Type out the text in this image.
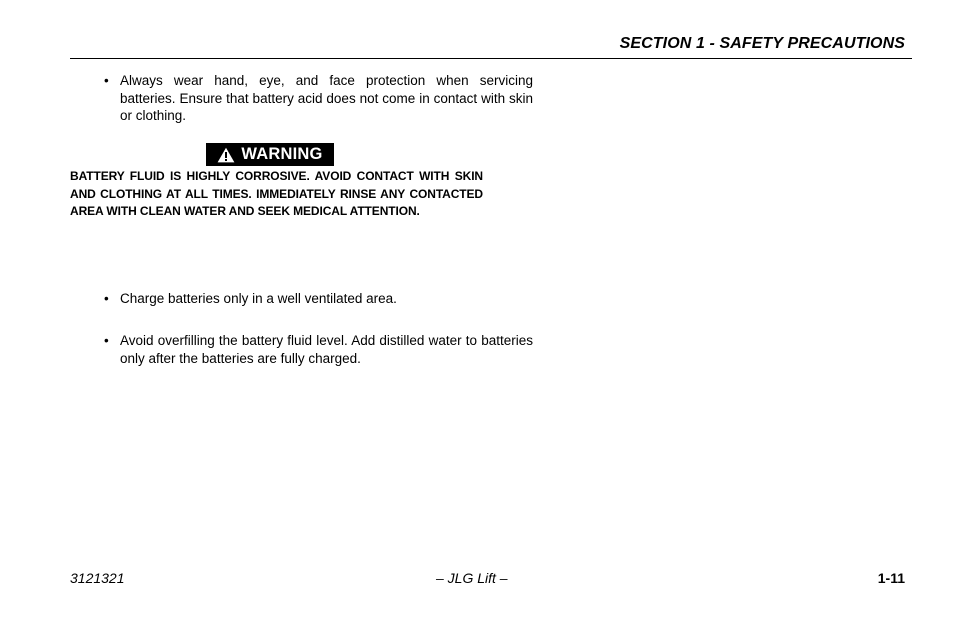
SECTION 1 - SAFETY PRECAUTIONS
• Always wear hand, eye, and face protection when servicing batteries. Ensure that battery acid does not come in contact with skin or clothing.
WARNING
BATTERY FLUID IS HIGHLY CORROSIVE. AVOID CONTACT WITH SKIN AND CLOTHING AT ALL TIMES. IMMEDIATELY RINSE ANY CONTACTED AREA WITH CLEAN WATER AND SEEK MEDICAL ATTENTION.
• Charge batteries only in a well ventilated area.
• Avoid overfilling the battery fluid level. Add distilled water to batteries only after the batteries are fully charged.
3121321	– JLG Lift –	1-11
